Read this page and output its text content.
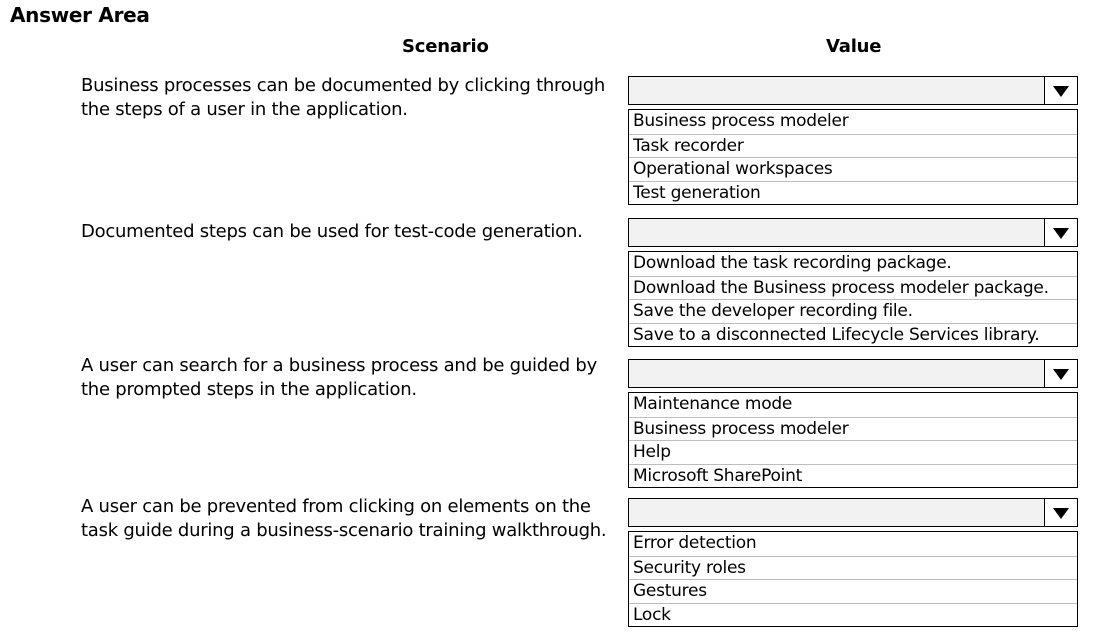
Answer Area
Scenario	Value
Business processes can be documented by clicking through
the steps of a user in the application.
Business process modeler
Task recorder
Operational workspaces
Test generation
Documented steps can be used for test-code generation.
Download the task recording package.
Download the Business process modeler package.
Save the developer recording file.
Save to a disconnected Lifecycle Services library.
A user can search for a business process and be guided by
the prompted steps in the application.
Maintenance mode
Business process modeler
Help
Microsoft SharePoint
A user can be prevented from clicking on elements on the
task guide during a business-scenario training walkthrough.
Error detection
Security roles
Gestures
Lock
